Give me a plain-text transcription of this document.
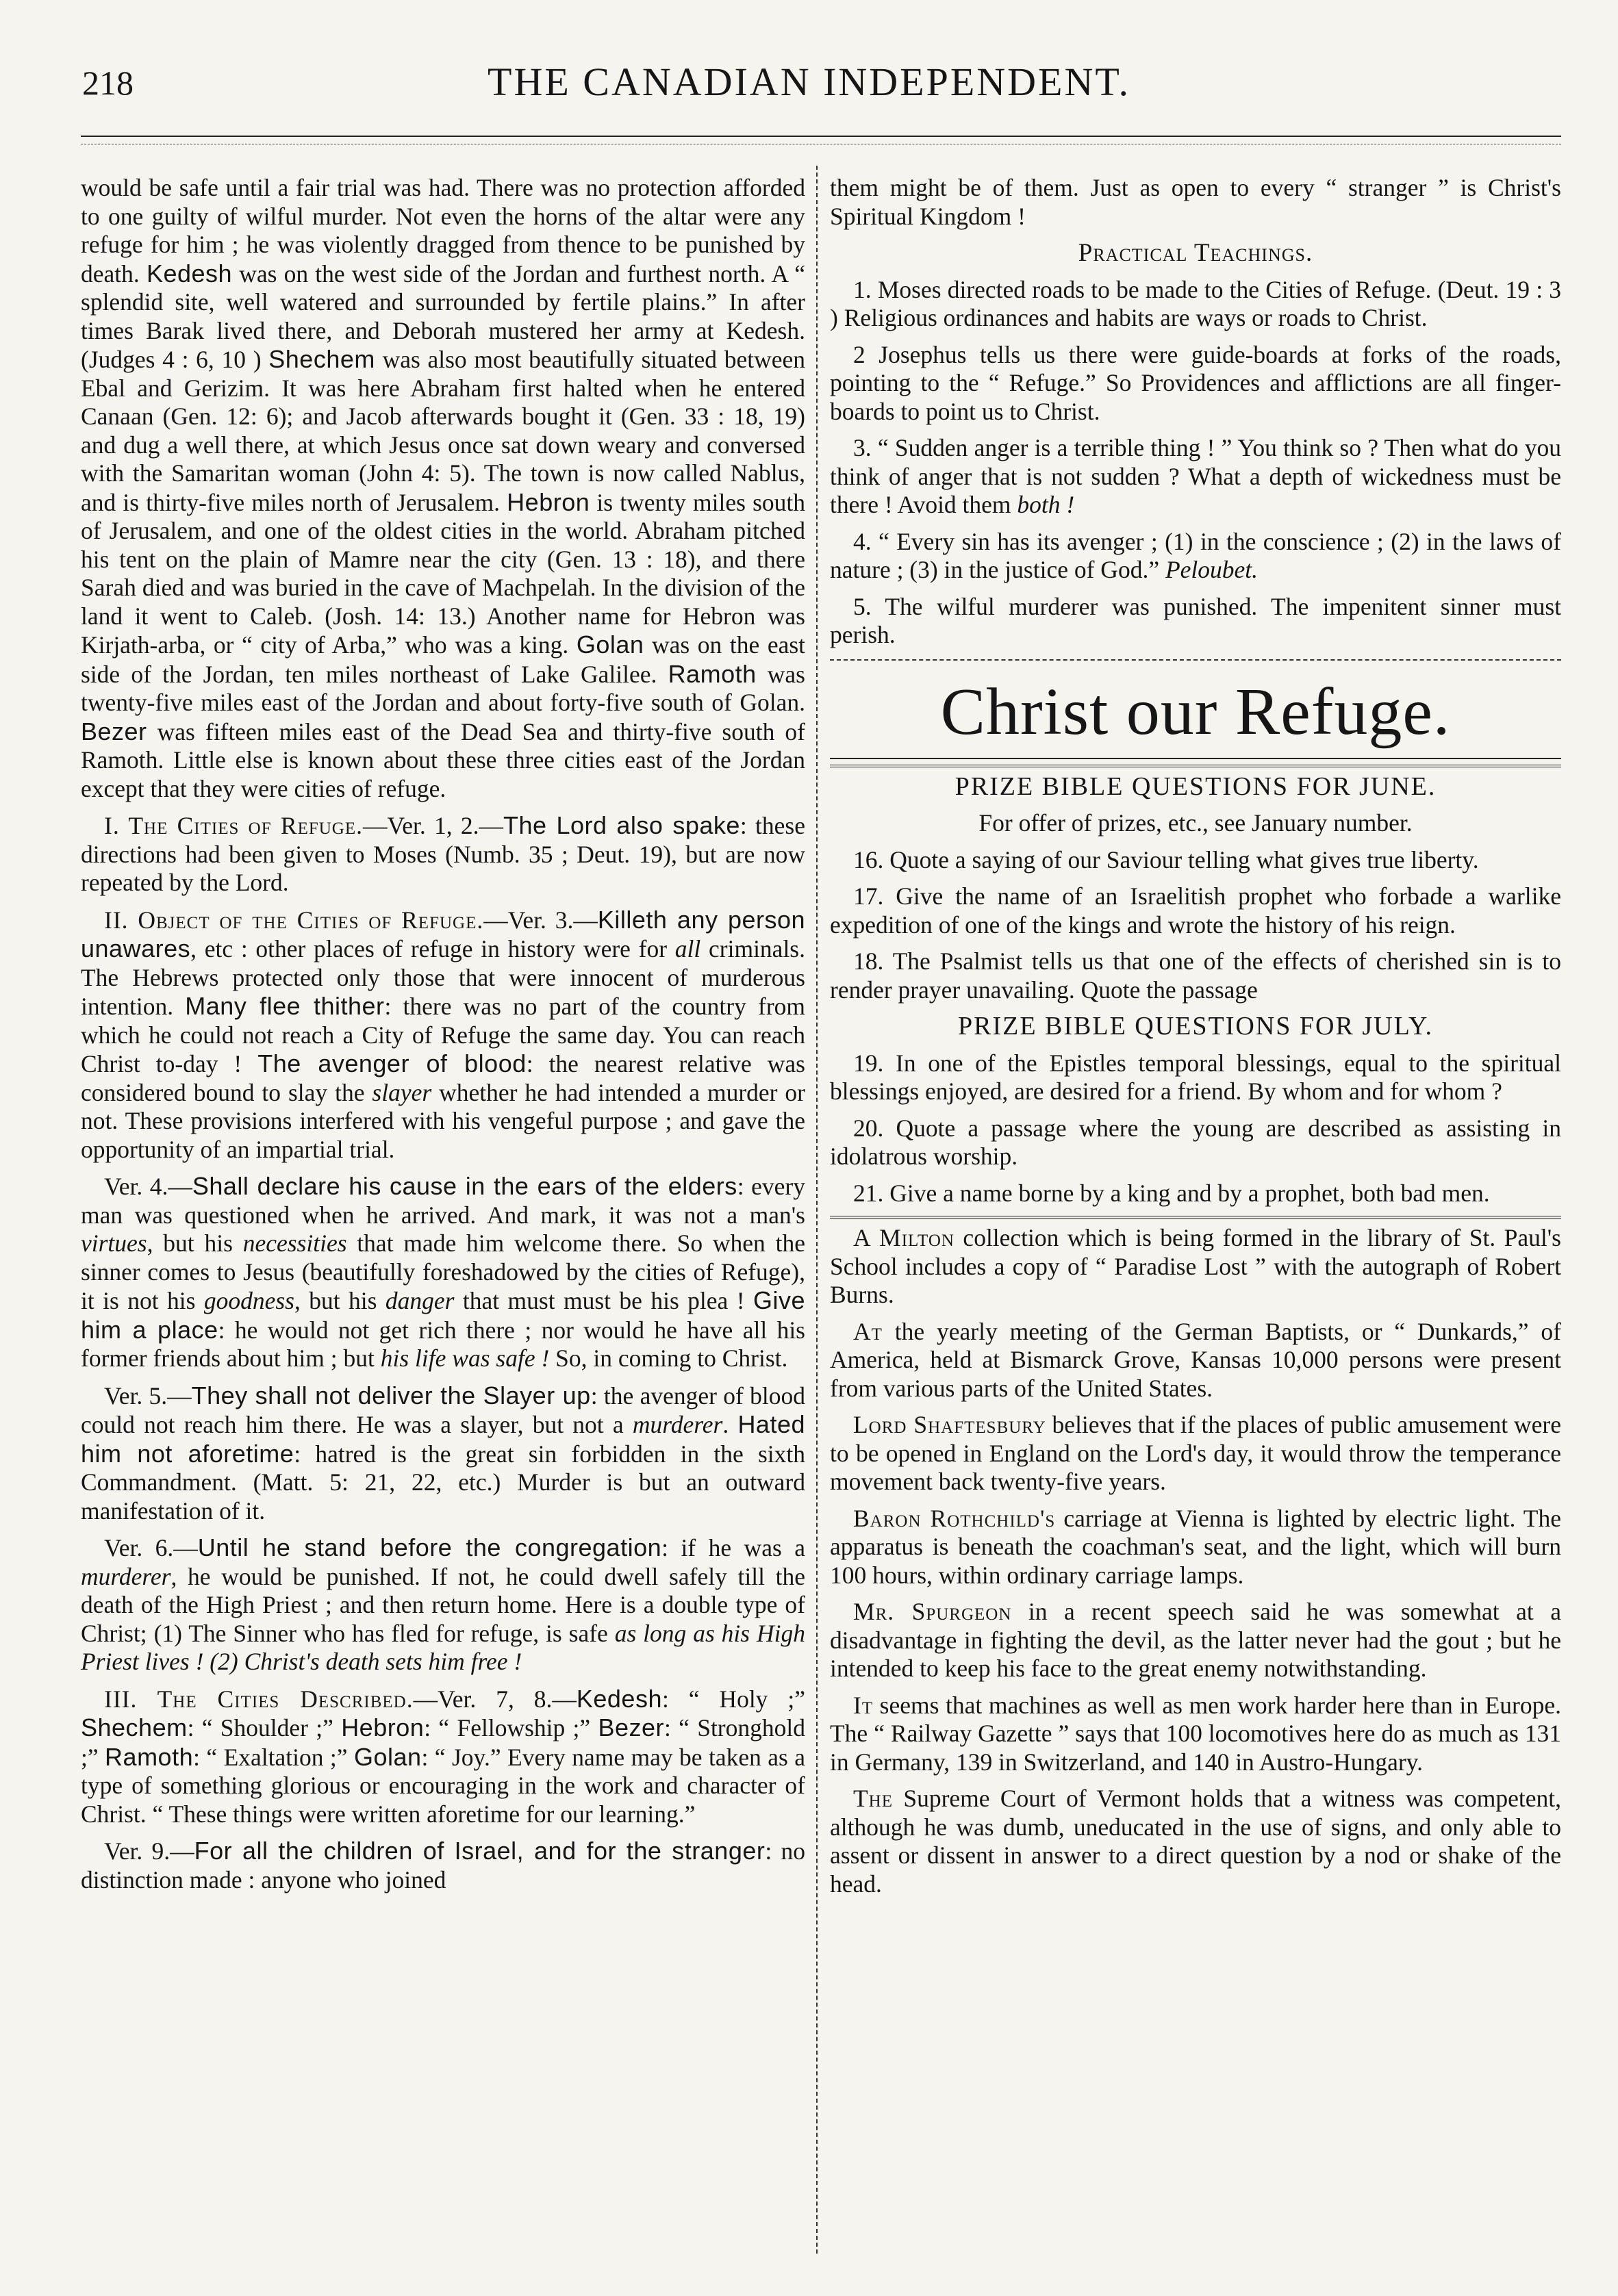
218	THE CANADIAN INDEPENDENT.

would be safe until a fair trial was had. There was no protection afforded to one guilty of wilful murder. Not even the horns of the altar were any refuge for him ; he was violently dragged from thence to be punished by death. Kedesh was on the west side of the Jordan and furthest north. A “ splendid site, well watered and surrounded by fertile plains.” In after times Barak lived there, and Deborah mustered her army at Kedesh. (Judges 4 : 6, 10 ) Shechem was also most beautifully situated between Ebal and Gerizim. It was here Abraham first halted when he entered Canaan (Gen. 12: 6); and Jacob afterwards bought it (Gen. 33 : 18, 19) and dug a well there, at which Jesus once sat down weary and conversed with the Samaritan woman (John 4: 5). The town is now called Nablus, and is thirty-five miles north of Jerusalem. Hebron is twenty miles south of Jerusalem, and one of the oldest cities in the world. Abraham pitched his tent on the plain of Mamre near the city (Gen. 13 : 18), and there Sarah died and was buried in the cave of Machpelah. In the division of the land it went to Caleb. (Josh. 14: 13.) Another name for Hebron was Kirjath-arba, or “ city of Arba,” who was a king. Golan was on the east side of the Jordan, ten miles northeast of Lake Galilee. Ramoth was twenty-five miles east of the Jordan and about forty-five south of Golan. Bezer was fifteen miles east of the Dead Sea and thirty-five south of Ramoth. Little else is known about these three cities east of the Jordan except that they were cities of refuge.

I. The Cities of Refuge.—Ver. 1, 2.—The Lord also spake: these directions had been given to Moses (Numb. 35 ; Deut. 19), but are now repeated by the Lord.

II. Object of the Cities of Refuge.—Ver. 3.—Killeth any person unawares, etc : other places of refuge in history were for all criminals. The Hebrews protected only those that were innocent of murderous intention. Many flee thither: there was no part of the country from which he could not reach a City of Refuge the same day. You can reach Christ to-day ! The avenger of blood: the nearest relative was considered bound to slay the slayer whether he had intended a murder or not. These provisions interfered with his vengeful purpose ; and gave the opportunity of an impartial trial.

Ver. 4.—Shall declare his cause in the ears of the elders: every man was questioned when he arrived. And mark, it was not a man's virtues, but his necessities that made him welcome there. So when the sinner comes to Jesus (beautifully foreshadowed by the cities of Refuge), it is not his goodness, but his danger that must must be his plea ! Give him a place: he would not get rich there ; nor would he have all his former friends about him ; but his life was safe ! So, in coming to Christ.

Ver. 5.—They shall not deliver the Slayer up: the avenger of blood could not reach him there. He was a slayer, but not a murderer. Hated him not aforetime: hatred is the great sin forbidden in the sixth Commandment. (Matt. 5: 21, 22, etc.) Murder is but an outward manifestation of it.

Ver. 6.—Until he stand before the congregation: if he was a murderer, he would be punished. If not, he could dwell safely till the death of the High Priest ; and then return home. Here is a double type of Christ; (1) The Sinner who has fled for refuge, is safe as long as his High Priest lives ! (2) Christ's death sets him free !

III. The Cities Described.—Ver. 7, 8.—Kedesh: “ Holy ;” Shechem: “ Shoulder ;” Hebron: “ Fellowship ;” Bezer: “ Stronghold ;” Ramoth: “ Exaltation ;” Golan: “ Joy.” Every name may be taken as a type of something glorious or encouraging in the work and character of Christ. “ These things were written aforetime for our learning.”

Ver. 9.—For all the children of Israel, and for the stranger: no distinction made : anyone who joined

them might be of them. Just as open to every “ stranger ” is Christ's Spiritual Kingdom !

Practical Teachings.

1. Moses directed roads to be made to the Cities of Refuge. (Deut. 19 : 3 ) Religious ordinances and habits are ways or roads to Christ.

2 Josephus tells us there were guide-boards at forks of the roads, pointing to the “ Refuge.” So Providences and afflictions are all finger-boards to point us to Christ.

3. “ Sudden anger is a terrible thing ! ” You think so ? Then what do you think of anger that is not sudden ? What a depth of wickedness must be there ! Avoid them both !

4. “ Every sin has its avenger ; (1) in the conscience ; (2) in the laws of nature ; (3) in the justice of God.” Peloubet.

5. The wilful murderer was punished. The impenitent sinner must perish.

Christ our Refuge.

PRIZE BIBLE QUESTIONS FOR JUNE.

For offer of prizes, etc., see January number.

16. Quote a saying of our Saviour telling what gives true liberty.

17. Give the name of an Israelitish prophet who forbade a warlike expedition of one of the kings and wrote the history of his reign.

18. The Psalmist tells us that one of the effects of cherished sin is to render prayer unavailing. Quote the passage

PRIZE BIBLE QUESTIONS FOR JULY.

19. In one of the Epistles temporal blessings, equal to the spiritual blessings enjoyed, are desired for a friend. By whom and for whom ?

20. Quote a passage where the young are described as assisting in idolatrous worship.

21. Give a name borne by a king and by a prophet, both bad men.

A Milton collection which is being formed in the library of St. Paul's School includes a copy of “ Paradise Lost ” with the autograph of Robert Burns.

At the yearly meeting of the German Baptists, or “ Dunkards,” of America, held at Bismarck Grove, Kansas 10,000 persons were present from various parts of the United States.

Lord Shaftesbury believes that if the places of public amusement were to be opened in England on the Lord's day, it would throw the temperance movement back twenty-five years.

Baron Rothchild's carriage at Vienna is lighted by electric light. The apparatus is beneath the coachman's seat, and the light, which will burn 100 hours, within ordinary carriage lamps.

Mr. Spurgeon in a recent speech said he was somewhat at a disadvantage in fighting the devil, as the latter never had the gout ; but he intended to keep his face to the great enemy notwithstanding.

It seems that machines as well as men work harder here than in Europe. The “ Railway Gazette ” says that 100 locomotives here do as much as 131 in Germany, 139 in Switzerland, and 140 in Austro-Hungary.

The Supreme Court of Vermont holds that a witness was competent, although he was dumb, uneducated in the use of signs, and only able to assent or dissent in answer to a direct question by a nod or shake of the head.
